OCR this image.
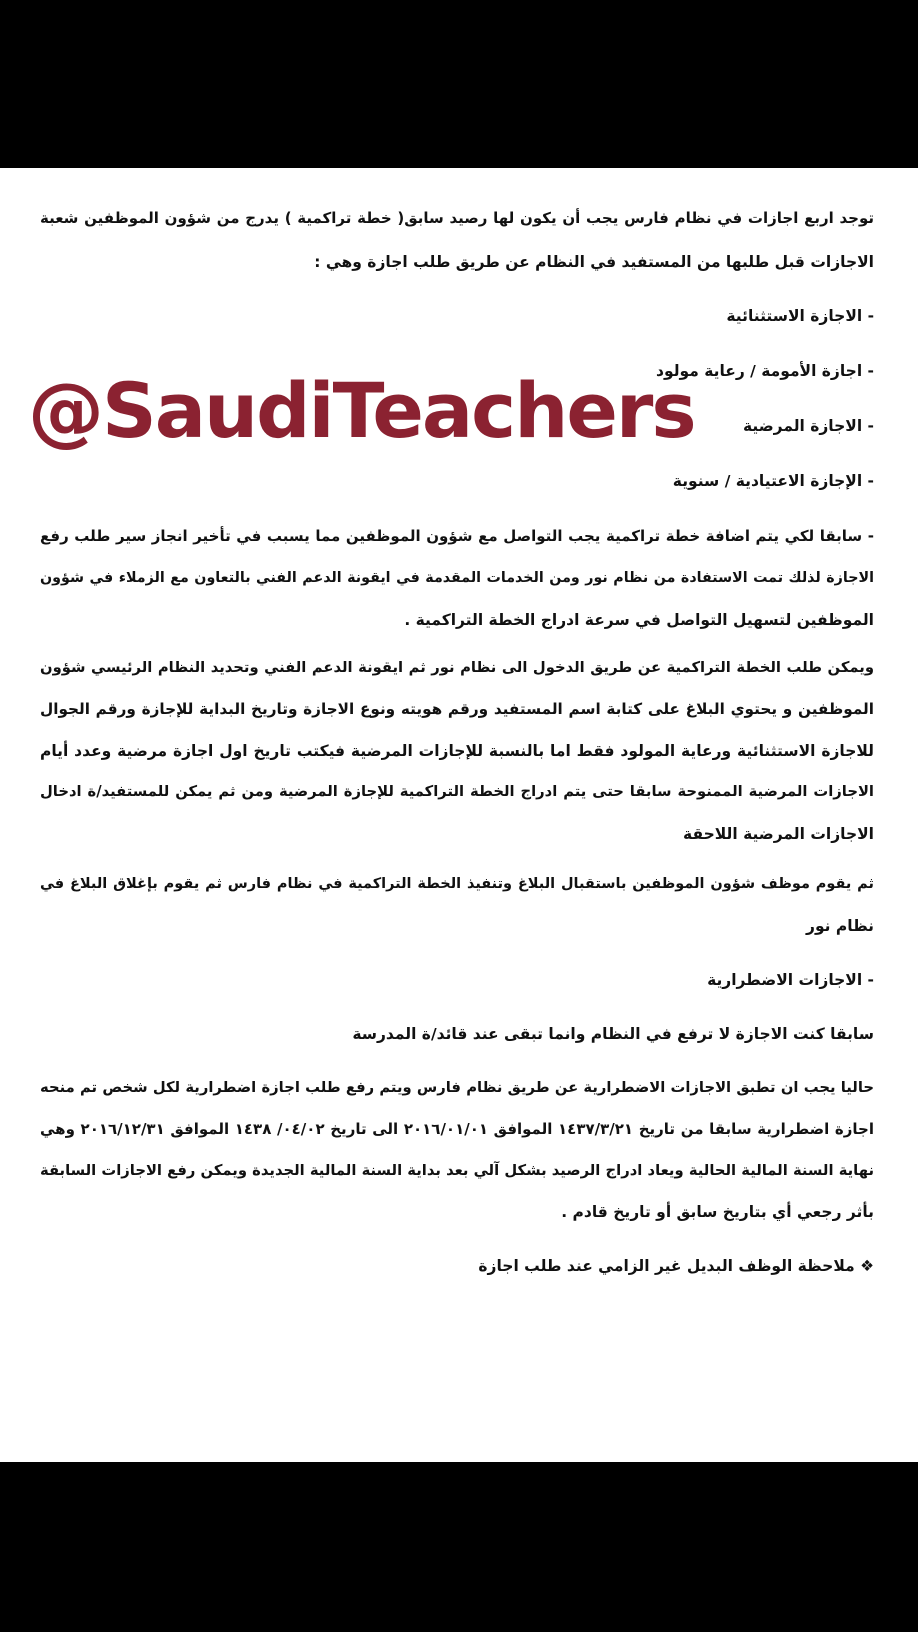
توجد اربع اجازات في نظام فارس يجب أن يكون لها رصيد سابق( خطة تراكمية ) يدرج من شؤون الموظفين شعبة
الاجازات قبل طلبها من المستفيد في النظام عن طريق طلب اجازة وهي :
- الاجازة الاستثنائية
- اجازة الأمومة / رعاية مولود
- الاجازة المرضية
- الإجازة الاعتيادية / سنوية
- سابقا لكي يتم اضافة خطة تراكمية يجب التواصل مع شؤون الموظفين مما يسبب في تأخير انجاز سير طلب رفع
الاجازة لذلك تمت الاستفادة من نظام نور ومن الخدمات المقدمة في ايقونة الدعم الفني بالتعاون مع الزملاء في شؤون
الموظفين لتسهيل التواصل في سرعة ادراج الخطة التراكمية .
ويمكن طلب الخطة التراكمية عن طريق الدخول الى نظام نور ثم ايقونة الدعم الفني وتحديد النظام الرئيسي شؤون
الموظفين و يحتوي البلاغ على كتابة اسم المستفيد ورقم هويته ونوع الاجازة وتاريخ البداية للإجازة ورقم الجوال
للاجازة الاستثنائية ورعاية المولود فقط اما بالنسبة للإجازات المرضية فيكتب تاريخ اول اجازة مرضية وعدد أيام
الاجازات المرضية الممنوحة سابقا حتى يتم ادراج الخطة التراكمية للإجازة المرضية ومن ثم يمكن للمستفيد/ة ادخال
الاجازات المرضية اللاحقة
ثم يقوم موظف شؤون الموظفين باستقبال البلاغ وتنفيذ الخطة التراكمية في نظام فارس ثم يقوم بإغلاق البلاغ في
نظام نور
- الاجازات الاضطرارية
سابقا كنت الاجازة لا ترفع في النظام وانما تبقى عند قائد/ة المدرسة
حاليا يجب ان تطبق الاجازات الاضطرارية عن طريق نظام فارس ويتم رفع طلب اجازة اضطرارية لكل شخص تم منحه
اجازة اضطرارية سابقا من تاريخ ١٤٣٧/٣/٢١ الموافق ٢٠١٦/٠١/٠١ الى تاريخ ٠٤/٠٢/ ١٤٣٨ الموافق ٢٠١٦/١٢/٣١ وهي
نهاية السنة المالية الحالية ويعاد ادراج الرصيد بشكل آلي بعد بداية السنة المالية الجديدة ويمكن رفع الاجازات السابقة
بأثر رجعي أي بتاريخ سابق أو تاريخ قادم .
❖ ملاحظة الوظف البديل غير الزامي عند طلب اجازة
@SaudiTeachers
